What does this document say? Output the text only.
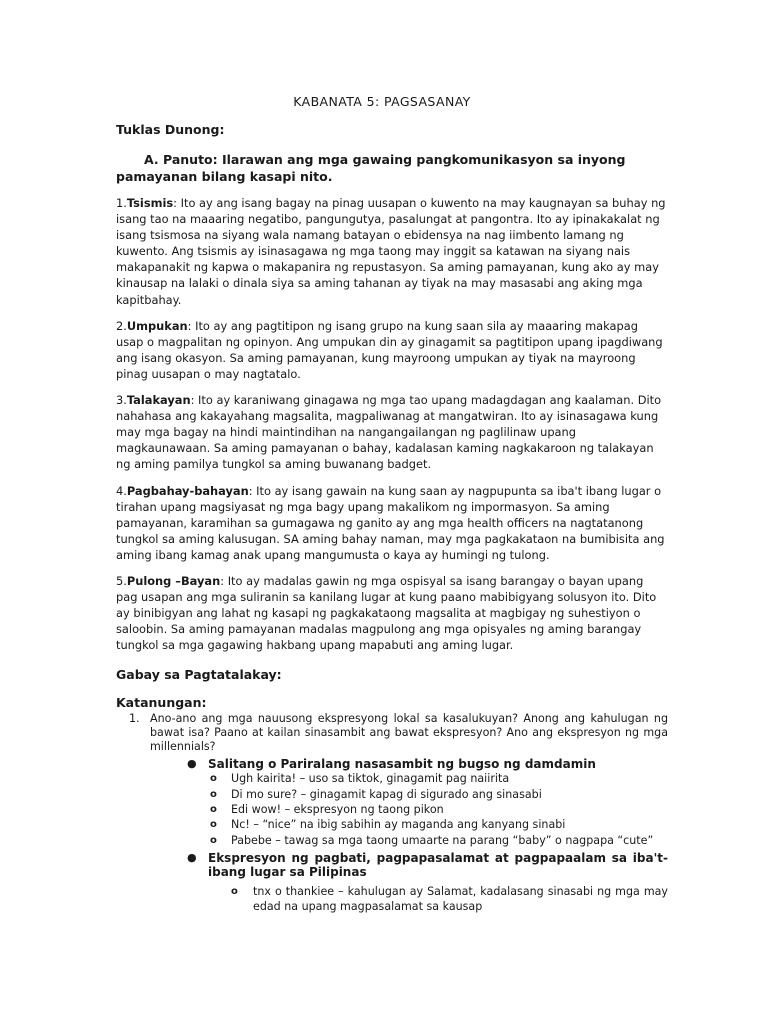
KABANATA 5: PAGSASANAY
Tuklas Dunong:
A. Panuto: Ilarawan ang mga gawaing pangkomunikasyon sa inyong pamayanan bilang kasapi nito.

1.Tsismis: Ito ay ang isang bagay na pinag uusapan o kuwento na may kaugnayan sa buhay ng isang tao na maaaring negatibo, pangungutya, pasalungat at pangontra. Ito ay ipinakakalat ng isang tsismosa na siyang wala namang batayan o ebidensya na nag iimbento lamang ng kuwento. Ang tsismis ay isinasagawa ng mga taong may inggit sa katawan na siyang nais makapanakit ng kapwa o makapanira ng repustasyon. Sa aming pamayanan, kung ako ay may kinausap na lalaki o dinala siya sa aming tahanan ay tiyak na may masasabi ang aking mga kapitbahay.

2.Umpukan: Ito ay ang pagtitipon ng isang grupo na kung saan sila ay maaaring makapag usap o magpalitan ng opinyon. Ang umpukan din ay ginagamit sa pagtitipon upang ipagdiwang ang isang okasyon. Sa aming pamayanan, kung mayroong umpukan ay tiyak na mayroong pinag uusapan o may nagtatalo.

3.Talakayan: Ito ay karaniwang ginagawa ng mga tao upang madagdagan ang kaalaman. Dito nahahasa ang kakayahang magsalita, magpaliwanag at mangatwiran. Ito ay isinasagawa kung may mga bagay na hindi maintindihan na nangangailangan ng paglilinaw upang magkaunawaan. Sa aming pamayanan o bahay, kadalasan kaming nagkakaroon ng talakayan ng aming pamilya tungkol sa aming buwanang badget.

4.Pagbahay-bahayan: Ito ay isang gawain na kung saan ay nagpupunta sa iba't ibang lugar o tirahan upang magsiyasat ng mga bagy upang makalikom ng impormasyon. Sa aming pamayanan, karamihan sa gumagawa ng ganito ay ang mga health officers na nagtatanong tungkol sa aming kalusugan. SA aming bahay naman, may mga pagkakataon na bumibisita ang aming ibang kamag anak upang mangumusta o kaya ay humingi ng tulong.

5.Pulong –Bayan: Ito ay madalas gawin ng mga ospisyal sa isang barangay o bayan upang pag usapan ang mga suliranin sa kanilang lugar at kung paano mabibigyang solusyon ito. Dito ay binibigyan ang lahat ng kasapi ng pagkakataong magsalita at magbigay ng suhestiyon o saloobin. Sa aming pamayanan madalas magpulong ang mga opisyales ng aming barangay tungkol sa mga gagawing hakbang upang mapabuti ang aming lugar.

Gabay sa Pagtatalakay:
Katanungan:
1. Ano-ano ang mga nauusong ekspresyong lokal sa kasalukuyan? Anong ang kahulugan ng bawat isa? Paano at kailan sinasambit ang bawat ekspresyon? Ano ang ekspresyon ng mga millennials?
● Salitang o Pariralang nasasambit ng bugso ng damdamin
o Ugh kairita! – uso sa tiktok, ginagamit pag naiirita
o Di mo sure? – ginagamit kapag di sigurado ang sinasabi
o Edi wow! – ekspresyon ng taong pikon
o Nc! – “nice” na ibig sabihin ay maganda ang kanyang sinabi
o Pabebe – tawag sa mga taong umaarte na parang “baby” o nagpapa “cute”
● Ekspresyon ng pagbati, pagpapasalamat at pagpapaalam sa iba't-ibang lugar sa Pilipinas
o tnx o thankiee – kahulugan ay Salamat, kadalasang sinasabi ng mga may edad na upang magpasalamat sa kausap
